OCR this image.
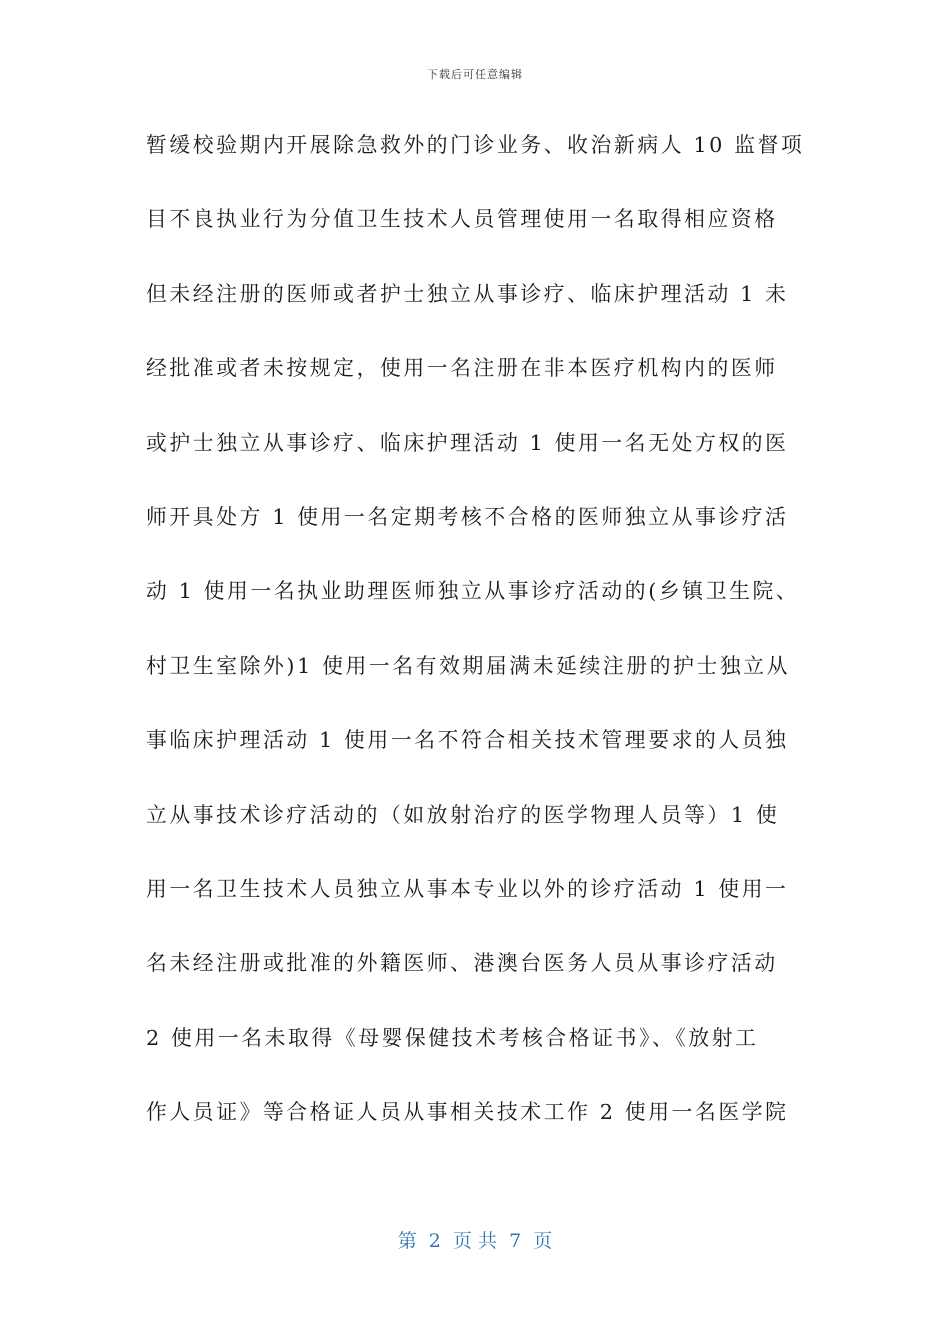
下载后可任意编辑
暂缓校验期内开展除急救外的门诊业务、收治新病人 10 监督项
目不良执业行为分值卫生技术人员管理使用一名取得相应资格
但未经注册的医师或者护士独立从事诊疗、临床护理活动 1 未
经批准或者未按规定，使用一名注册在非本医疗机构内的医师
或护士独立从事诊疗、临床护理活动 1 使用一名无处方权的医
师开具处方 1 使用一名定期考核不合格的医师独立从事诊疗活
动 1 使用一名执业助理医师独立从事诊疗活动的(乡镇卫生院、
村卫生室除外)1 使用一名有效期届满未延续注册的护士独立从
事临床护理活动 1 使用一名不符合相关技术管理要求的人员独
立从事技术诊疗活动的（如放射治疗的医学物理人员等）1 使
用一名卫生技术人员独立从事本专业以外的诊疗活动 1 使用一
名未经注册或批准的外籍医师、港澳台医务人员从事诊疗活动
2 使用一名未取得《母婴保健技术考核合格证书》、《放射工
作人员证》等合格证人员从事相关技术工作 2 使用一名医学院
第  2  页 共  7  页
